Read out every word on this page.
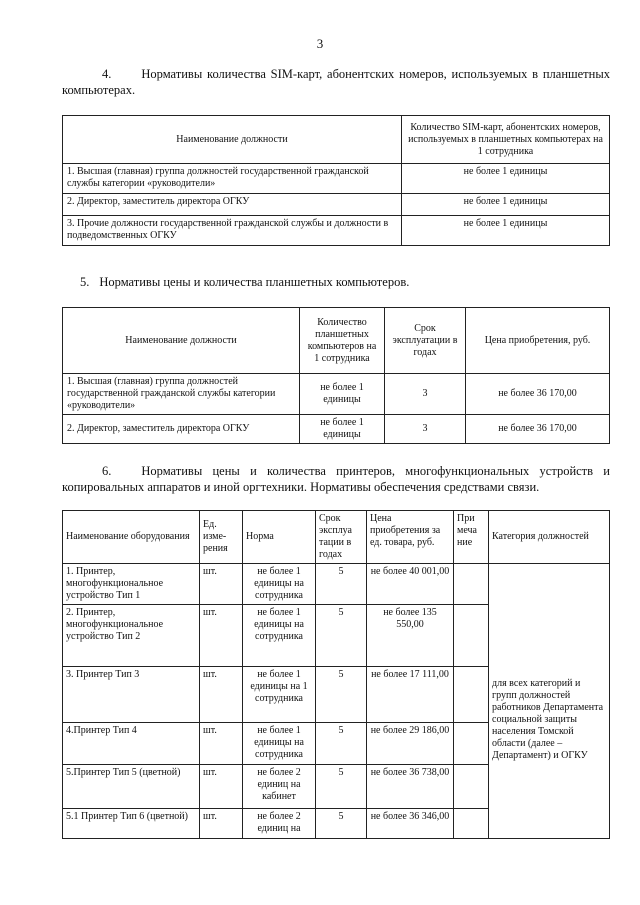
3
4. Нормативы количества SIM-карт, абонентских номеров, используемых в планшетных компьютерах.
Наименование должности	Количество SIM-карт, абонентских номеров, используемых в планшетных компьютерах на 1 сотрудника
1. Высшая (главная) группа должностей государственной гражданской службы категории «руководители»	не более 1 единицы
2. Директор, заместитель директора ОГКУ	не более 1 единицы
3. Прочие должности государственной гражданской службы и должности в подведомственных ОГКУ	не более 1 единицы
5. Нормативы цены и количества планшетных компьютеров.
Наименование должности	Количество планшетных компьютеров на 1 сотрудника	Срок эксплуатации в годах	Цена приобретения, руб.
1. Высшая (главная) группа должностей государственной гражданской службы категории «руководители»	не более 1 единицы	3	не более 36 170,00
2. Директор, заместитель директора ОГКУ	не более 1 единицы	3	не более 36 170,00
6. Нормативы цены и количества принтеров, многофункциональных устройств и копировальных аппаратов и иной оргтехники. Нормативы обеспечения средствами связи.
Наименование оборудования	Ед. изме-рения	Норма	Срок эксплуа тации в годах	Цена приобретения за ед. товара, руб.	При меча ние	Категория должностей
1. Принтер, многофункциональное устройство Тип 1	шт.	не более 1 единицы на сотрудника	5	не более 40 001,00		для всех категорий и групп должностей работников Департамента социальной защиты населения Томской области (далее – Департамент) и ОГКУ
2. Принтер, многофункциональное устройство Тип 2	шт.	не более 1 единицы на сотрудника	5	не более 135 550,00		
3. Принтер Тип 3	шт.	не более 1 единицы на 1 сотрудника	5	не более 17 111,00		
4.Принтер Тип 4	шт.	не более 1 единицы на сотрудника	5	не более 29 186,00		
5.Принтер Тип 5 (цветной)	шт.	не более 2 единиц на кабинет	5	не более 36 738,00		
5.1 Принтер Тип 6 (цветной)	шт.	не более 2 единиц на	5	не более 36 346,00		
